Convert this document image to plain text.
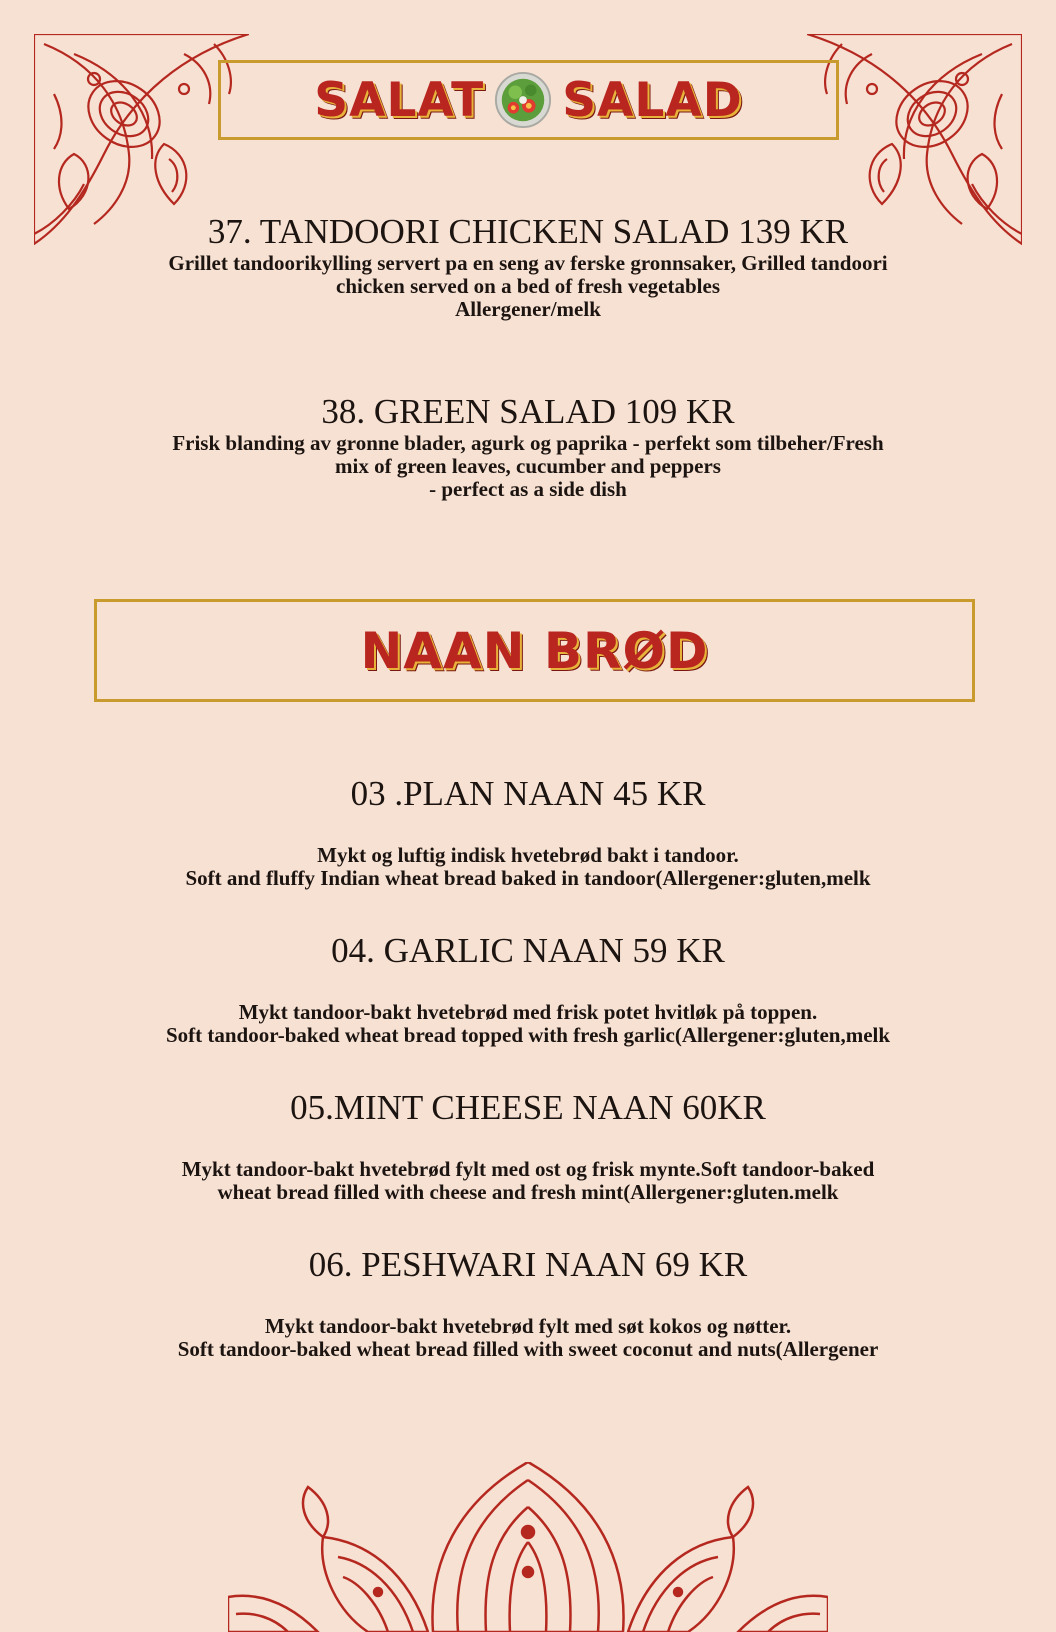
SALAT SALAD
37. TANDOORI CHICKEN SALAD 139 KR
Grillet tandoorikylling servert pa en seng av ferske gronnsaker, Grilled tandoori
chicken served on a bed of fresh vegetables
Allergener/melk
38. GREEN SALAD 109 KR
Frisk blanding av gronne blader, agurk og paprika - perfekt som tilbeher/Fresh
mix of green leaves, cucumber and peppers
- perfect as a side dish
NAAN BRØD
03 .PLAN NAAN 45 KR
Mykt og luftig indisk hvetebrød bakt i tandoor.
Soft and fluffy Indian wheat bread baked in tandoor(Allergener:gluten,melk
04. GARLIC NAAN 59 KR
Mykt tandoor-bakt hvetebrød med frisk potet hvitløk på toppen.
Soft tandoor-baked wheat bread topped with fresh garlic(Allergener:gluten,melk
05.MINT CHEESE NAAN 60KR
Mykt tandoor-bakt hvetebrød fylt med ost og frisk mynte.Soft tandoor-baked
wheat bread filled with cheese and fresh mint(Allergener:gluten.melk
06. PESHWARI NAAN 69 KR
Mykt tandoor-bakt hvetebrød fylt med søt kokos og nøtter.
Soft tandoor-baked wheat bread filled with sweet coconut and nuts(Allergener
